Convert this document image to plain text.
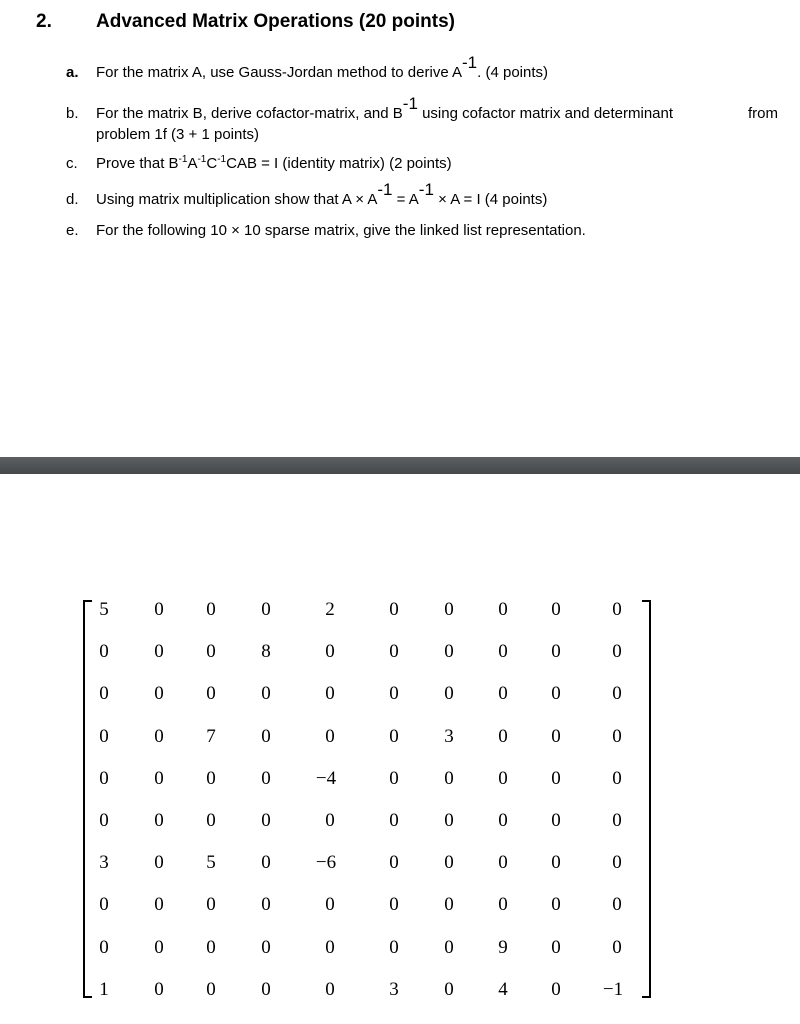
2. Advanced Matrix Operations (20 points)
a. For the matrix A, use Gauss-Jordan method to derive A-1. (4 points)
b. For the matrix B, derive cofactor-matrix, and B-1 using cofactor matrix and determinant	from
problem 1f (3 + 1 points)
c. Prove that $B^{-1}A^{-1}C^{-1}CAB = I$ (identity matrix) (2 points)
d. Using matrix multiplication show that A × A-1 = A-1 × A = I (4 points)
e. For the following 10 × 10 sparse matrix, give the linked list representation.
5	0	0	0	2	0	0	0	0	0
0	0	0	8	0	0	0	0	0	0
0	0	0	0	0	0	0	0	0	0
0	0	7	0	0	0	3	0	0	0
0	0	0	0	−4	0	0	0	0	0
0	0	0	0	0	0	0	0	0	0
3	0	5	0	−6	0	0	0	0	0
0	0	0	0	0	0	0	0	0	0
0	0	0	0	0	0	0	9	0	0
1	0	0	0	0	3	0	4	0	−1
